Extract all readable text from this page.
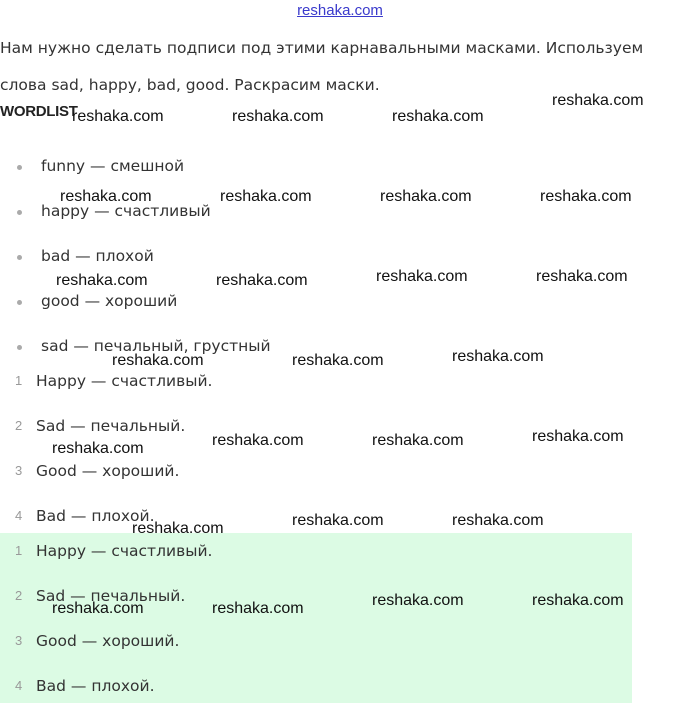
reshaka.com
Нам нужно сделать подписи под этими карнавальными масками. Используем слова sad, happy, bad, good. Раскрасим маски.
WORDLIST
funny — смешной
happy — счастливый
bad — плохой
good — хороший
sad — печальный, грустный
1 Happy — счастливый.
2 Sad — печальный.
3 Good — хороший.
4 Bad — плохой.
1 Happy — счастливый.
2 Sad — печальный.
3 Good — хороший.
4 Bad — плохой.
reshaka.com	reshaka.com	reshaka.com
reshaka.com
reshaka.com	reshaka.com	reshaka.com	reshaka.com
reshaka.com	reshaka.com	reshaka.com	reshaka.com
reshaka.com	reshaka.com	reshaka.com
reshaka.com	reshaka.com	reshaka.com	reshaka.com
reshaka.com	reshaka.com	reshaka.com
reshaka.com	reshaka.com	reshaka.com	reshaka.com
